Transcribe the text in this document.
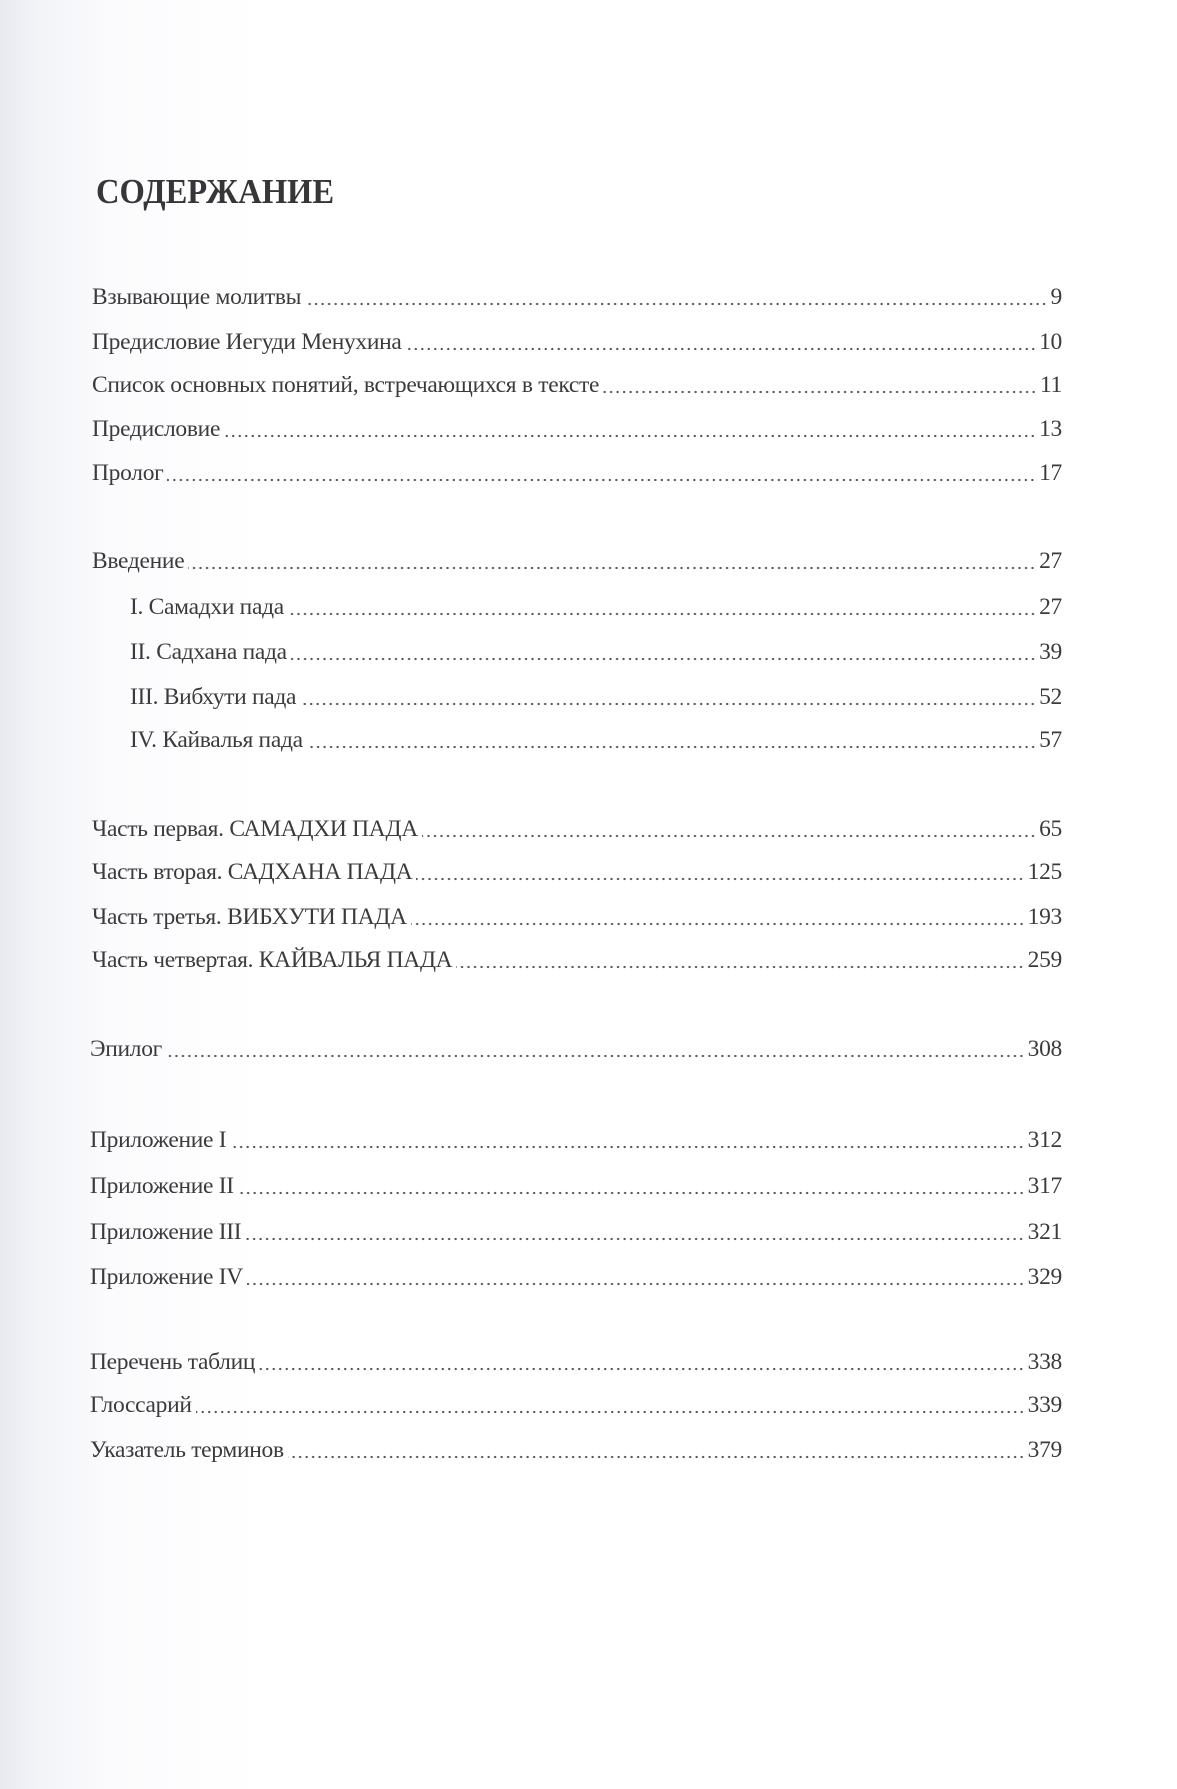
СОДЕРЖАНИЕ
Взывающие молитвы	9
Предисловие Иегуди Менухина	10
Список основных понятий, встречающихся в тексте	11
Предисловие	13
Пролог	17
Введение	27
I. Самадхи пада	27
II. Садхана пада	39
III. Вибхути пада	52
IV. Кайвалья пада	57
Часть первая. САМАДХИ ПАДА	65
Часть вторая. САДХАНА ПАДА	125
Часть третья. ВИБХУТИ ПАДА	193
Часть четвертая. КАЙВАЛЬЯ ПАДА	259
Эпилог	308
Приложение I	312
Приложение II	317
Приложение III	321
Приложение IV	329
Перечень таблиц	338
Глоссарий	339
Указатель терминов	379
